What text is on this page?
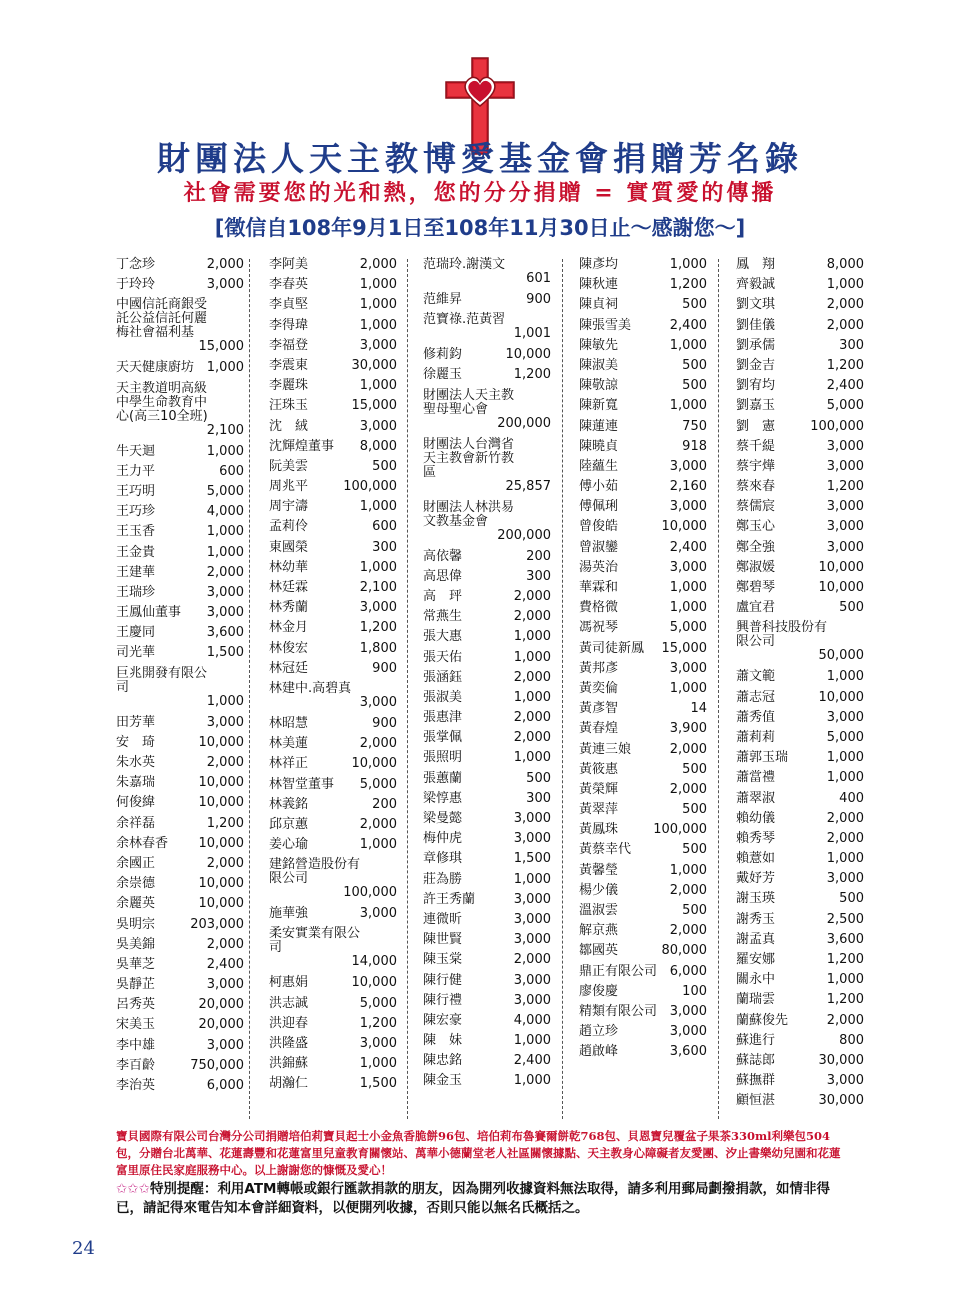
財團法人天主教博愛基金會捐贈芳名錄
社會需要您的光和熱，您的分分捐贈 = 實質愛的傳播
[徵信自108年9月1日至108年11月30日止～感謝您～]
丁念珍	2,000
于玲玲	3,000
中國信託商銀受
託公益信託何麗
梅社會福利基
15,000
天天健康廚坊 1,000
天主教道明高級
中學生命教育中
心(高三10全班)
2,100
牛天迴	1,000
王力平	600
王巧明	5,000
王巧珍	4,000
王玉香	1,000
王金貴	1,000
王建華	2,000
王瑞珍	3,000
王鳳仙董事 3,000
王慶同	3,600
司光華	1,500
巨兆開發有限公
司
1,000
田芳華	3,000
安　琦	10,000
朱水英	2,000
朱嘉瑞	10,000
何俊緯	10,000
余祥磊	1,200
余林春香 10,000
余國正	2,000
余崇德	10,000
余麗英	10,000
吳明宗	203,000
吳美錦	2,000
吳華芝	2,400
吳靜芷	3,000
呂秀英	20,000
宋美玉	20,000
李中雄	3,000
李百齡	750,000
李治英	6,000
李阿美	2,000
李春英	1,000
李貞堅	1,000
李得瑋	1,000
李福登	3,000
李震東	30,000
李麗珠	1,000
汪珠玉	15,000
沈　絨	3,000
沈輝煌董事 8,000
阮美雲	500
周兆平	100,000
周宇濤	1,000
孟莉伶	600
東國榮	300
林幼華	1,000
林廷霖	2,100
林秀蘭	3,000
林金月	1,200
林俊宏	1,800
林冠廷	900
林建中.高碧真
3,000
林昭慧	900
林美蓮	2,000
林祥正	10,000
林智堂董事 5,000
林義銘	200
邱京蕙	2,000
姜心瑜	1,000
建銘營造股份有
限公司
100,000
施華強	3,000
柔安實業有限公
司
14,000
柯惠娟	10,000
洪志誠	5,000
洪迎春	1,200
洪隆盛	3,000
洪錦蘇	1,000
胡瀚仁	1,500
范瑞玲.謝漢文
601
范維昇	900
范寶祿.范黃習
1,001
修莉鈞	10,000
徐麗玉	1,200
財團法人天主教
聖母聖心會
200,000
財團法人台灣省
天主教會新竹教
區
25,857
財團法人林洪易
文教基金會
200,000
高依馨	200
高思偉	300
高　玶	2,000
常燕生	2,000
張大惠	1,000
張天佑	1,000
張涵鈺	2,000
張淑美	1,000
張惠津	2,000
張掌佩	2,000
張照明	1,000
張蕙蘭	500
梁惇惠	300
梁曼懿	3,000
梅仲虎	3,000
章修琪	1,500
莊為勝	1,000
許王秀蘭	3,000
連微昕	3,000
陳世賢	3,000
陳玉棠	2,000
陳行健	3,000
陳行禮	3,000
陳宏豪	4,000
陳　妹	1,000
陳忠銘	2,400
陳金玉	1,000
陳彥均	1,000
陳秋連	1,200
陳貞祠	500
陳張雪美	2,400
陳敏先	1,000
陳淑美	500
陳敬諒	500
陳新寬	1,000
陳蓮連	750
陳曉貞	918
陸蘊生	3,000
傅小茹	2,160
傅佩琍	3,000
曾俊皓	10,000
曾淑鑾	2,400
湯英治	3,000
華霖和	1,000
費格微	1,000
馮祝琴	5,000
黃司徒新鳳 15,000
黃邦彥	3,000
黃奕倫	1,000
黃彥智	14
黃春煌	3,900
黃連三娘	2,000
黃筱惠	500
黃榮輝	2,000
黃翠萍	500
黃鳳珠	100,000
黃蔡幸代	500
黃馨瑩	1,000
楊少儀	2,000
溫淑雲	500
解京燕	2,000
鄒國英	80,000
鼎正有限公司 6,000
廖俊慶	100
精類有限公司 3,000
趙立珍	3,000
趙啟峰	3,600
鳳　翔	8,000
齊毅誠	1,000
劉文琪	2,000
劉佳儀	2,000
劉承儒	300
劉金吉	1,200
劉宥均	2,400
劉嘉玉	5,000
劉　憲	100,000
蔡千緹	3,000
蔡宇燁	3,000
蔡來春	1,200
蔡儒宸	3,000
鄭玉心	3,000
鄭全強	3,000
鄭淑媛	10,000
鄭碧琴	10,000
盧宜君	500
興普科技股份有
限公司
50,000
蕭文範	1,000
蕭志冠	10,000
蕭秀值	3,000
蕭莉莉	5,000
蕭郭玉瑞	1,000
蕭當禮	1,000
蕭翠淑	400
賴幼儀	2,000
賴秀琴	2,000
賴薏如	1,000
戴妤芳	3,000
謝玉瑛	500
謝秀玉	2,500
謝孟真	3,600
羅安娜	1,200
關永中	1,000
蘭瑞雲	1,200
蘭蘇俊先	2,000
蘇進行	800
蘇誌郎	30,000
蘇撫群	3,000
顧恒湛	30,000
寶貝國際有限公司台灣分公司捐贈培伯莉寶貝起士小金魚香脆餅96包、培伯莉布魯賽爾餅乾768包、貝恩寶兒覆盆子果茶330ml利樂包504包，分贈台北萬華、花蓮壽豐和花蓮富里兒童教育關懷站、萬華小德蘭堂老人社區關懷據點、天主教身心障礙者友愛團、汐止書樂幼兒園和花蓮富里原住民家庭服務中心。以上謝謝您的慷慨及愛心！
✩✩✩特別提醒：利用ATM轉帳或銀行匯款捐款的朋友，因為開列收據資料無法取得，請多利用郵局劃撥捐款，如情非得已，請記得來電告知本會詳細資料，以便開列收據，否則只能以無名氏概括之。
24
